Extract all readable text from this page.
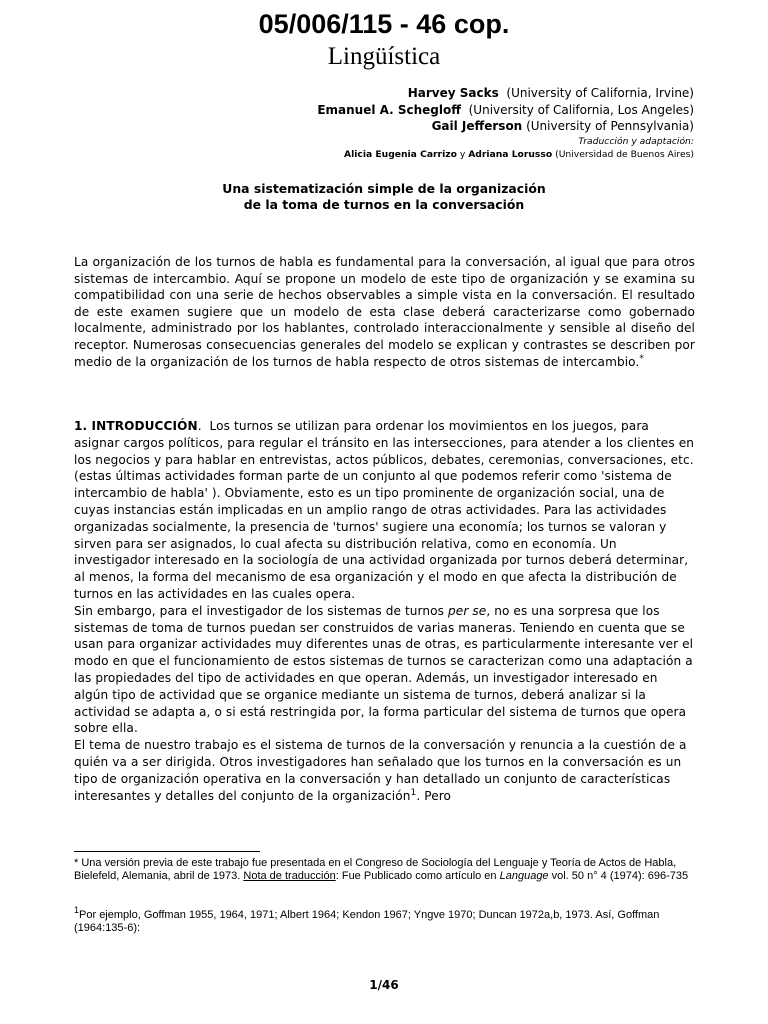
05/006/115 - 46 cop.
Lingüística
Harvey Sacks (University of California, Irvine)
Emanuel A. Schegloff (University of California, Los Angeles)
Gail Jefferson (University of Pennsylvania)
Traducción y adaptación:
Alicia Eugenia Carrizo y Adriana Lorusso (Universidad de Buenos Aires)
Una sistematización simple de la organización
de la toma de turnos en la conversación

La organización de los turnos de habla es fundamental para la conversación, al igual que para otros sistemas de intercambio. Aquí se propone un modelo de este tipo de organización y se examina su compatibilidad con una serie de hechos observables a simple vista en la conversación. El resultado de este examen sugiere que un modelo de esta clase deberá caracterizarse como gobernado localmente, administrado por los hablantes, controlado interaccionalmente y sensible al diseño del receptor. Numerosas consecuencias generales del modelo se explican y contrastes se describen por medio de la organización de los turnos de habla respecto de otros sistemas de intercambio.*

1. INTRODUCCIÓN.  Los turnos se utilizan para ordenar los movimientos en los juegos, para asignar cargos políticos, para regular el tránsito en las intersecciones, para atender a los clientes en los negocios y para hablar en entrevistas, actos públicos, debates, ceremonias, conversaciones, etc. (estas últimas actividades forman parte de un conjunto al que podemos referir como 'sistema de intercambio de habla' ). Obviamente, esto es un tipo prominente de organización social, una de cuyas instancias están implicadas en un amplio rango de otras actividades. Para las actividades organizadas socialmente, la presencia de 'turnos' sugiere una economía; los turnos se valoran y sirven para ser asignados, lo cual afecta su distribución relativa, como en economía. Un investigador interesado en la sociología de una actividad organizada por turnos deberá determinar, al menos, la forma del mecanismo de esa organización y el modo en que afecta la distribución de turnos en las actividades en las cuales opera.

Sin embargo, para el investigador de los sistemas de turnos per se, no es una sorpresa que los sistemas de toma de turnos puedan ser construidos de varias maneras. Teniendo en cuenta que se usan para organizar actividades muy diferentes unas de otras, es particularmente interesante ver el modo en que el funcionamiento de estos sistemas de turnos se caracterizan como una adaptación a las propiedades del tipo de actividades en que operan. Además, un investigador interesado en algún tipo de actividad que se organice mediante un sistema de turnos, deberá analizar si la actividad se adapta a, o si está restringida por, la forma particular del sistema de turnos que opera sobre ella.

El tema de nuestro trabajo es el sistema de turnos de la conversación y renuncia a la cuestión de a quién va a ser dirigida. Otros investigadores han señalado que los turnos en la conversación es un tipo de organización operativa en la conversación y han detallado un conjunto de características interesantes y detalles del conjunto de la organización$^1$. Pero

* Una versión previa de este trabajo fue presentada en el Congreso de Sociología del Lenguaje y Teoría de Actos de Habla, Bielefeld, Alemania, abril de 1973. Nota de traducción: Fue Publicado como artículo en Language vol. 50 n° 4 (1974): 696-735
$^1$Por ejemplo, Goffman 1955, 1964, 1971; Albert 1964; Kendon 1967; Yngve 1970; Duncan 1972a,b, 1973. Así, Goffman (1964:135-6):
1/46
